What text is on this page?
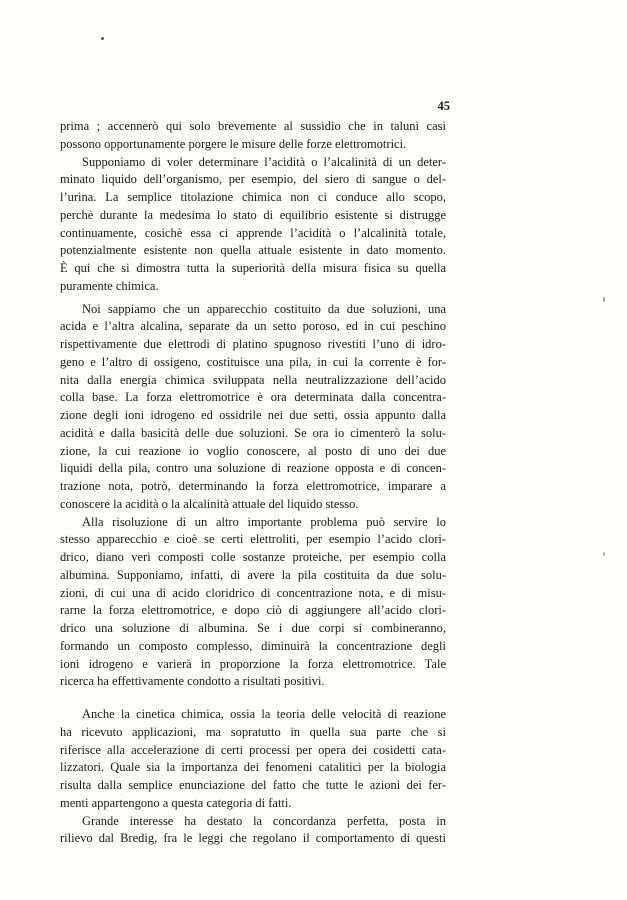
45
prima ; accennerò qui solo brevemente al sussidio che in taluni casi
possono opportunamente porgere le misure delle forze elettromotrici.
Supponiamo di voler determinare l’acidità o l’alcalinità di un deter-
minato liquido dell’organismo, per esempio, del siero di sangue o del-
l’urina. La semplice titolazione chimica non ci conduce allo scopo,
perchè durante la medesima lo stato di equilibrio esistente si distrugge
continuamente, cosichè essa ci apprende l’acidità o l’alcalinità totale,
potenzialmente esistente non quella attuale esistente in dato momento.
È qui che si dimostra tutta la superiorità della misura fisica su quella
puramente chimica.
Noi sappiamo che un apparecchio costituito da due soluzioni, una
acida e l’altra alcalina, separate da un setto poroso, ed in cui peschino
rispettivamente due elettrodi di platino spugnoso rivestiti l’uno di idro-
geno e l’altro di ossigeno, costituisce una pila, in cui la corrente è for-
nita dalla energia chimica sviluppata nella neutralizzazione dell’acido
colla base. La forza elettromotrice è ora determinata dalla concentra-
zione degli ioni idrogeno ed ossidrile nei due setti, ossia appunto dalla
acidità e dalla basicità delle due soluzioni. Se ora io cimenterò la solu-
zione, la cui reazione io voglio conoscere, al posto di uno dei due
liquidi della pila, contro una soluzione di reazione opposta e di concen-
trazione nota, potrò, determinando la forza elettromotrice, imparare a
conoscere la acidità o la alcalinità attuale del liquido stesso.
Alla risoluzione di un altro importante problema può servire lo
stesso apparecchio e cioè se certi elettroliti, per esempio l’acido clori-
drico, diano veri composti colle sostanze proteiche, per esempio colla
albumina. Supponiamo, infatti, di avere la pila costituita da due solu-
zioni, di cui una di acido cloridrico di concentrazione nota, e di misu-
rarne la forza elettromotrice, e dopo ciò di aggiungere all’acido clori-
drico una soluzione di albumina. Se i due corpi si combineranno,
formando un composto complesso, diminuirà la concentrazione degli
ioni idrogeno e varierà in proporzione la forza elettromotrice. Tale
ricerca ha effettivamente condotto a risultati positivi.
Anche la cinetica chimica, ossia la teoria delle velocità di reazione
ha ricevuto applicazioni, ma sopratutto in quella sua parte che si
riferisce alla accelerazione di certi processi per opera dei cosidetti cata-
lizzatori. Quale sia la importanza dei fenomeni catalitici per la biologia
risulta dalla semplice enunciazione del fatto che tutte le azioni dei fer-
menti appartengono a questa categoria di fatti.
Grande interesse ha destato la concordanza perfetta, posta in
rilievo dal Bredig, fra le leggi che regolano il comportamento di questi
